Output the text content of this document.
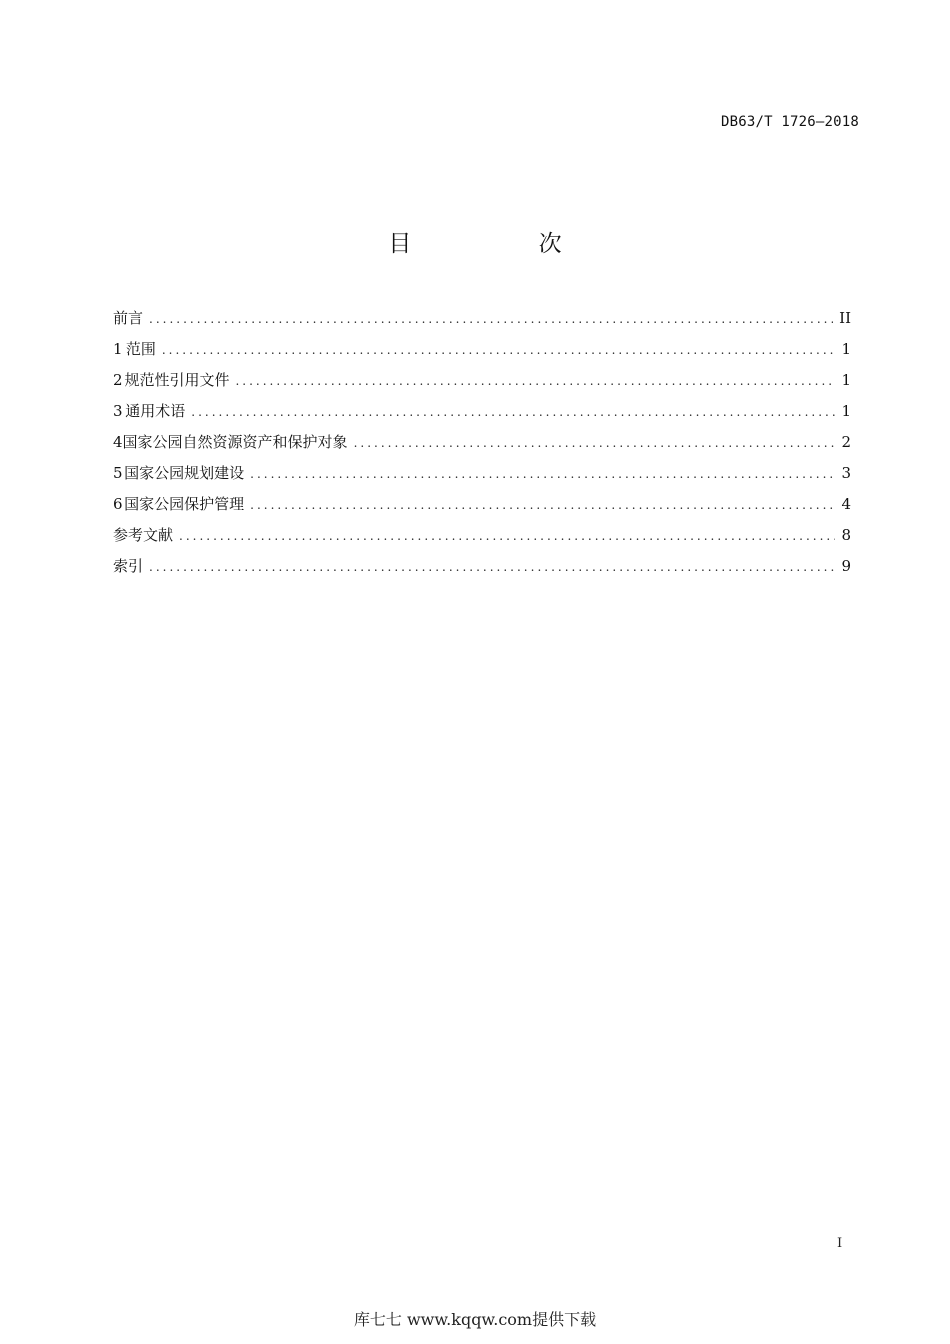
DB63/T 1726—2018
目 次
前言 .....	II
1 范围 .....	1
2 规范性引用文件 .....	1
3 通用术语 .....	1
4 国家公园自然资源资产和保护对象 .....	2
5 国家公园规划建设 .....	3
6 国家公园保护管理 .....	4
参考文献 .....	8
索引 .....	9
I
库七七 www.kqqw.com提供下载
